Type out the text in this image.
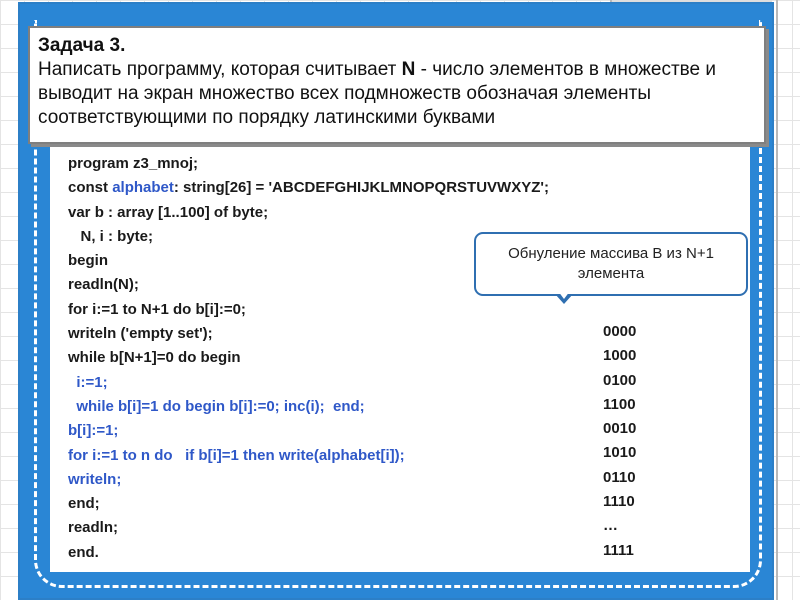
Задача 3.
Написать программу, которая считывает N - число элементов в множестве и выводит на экран множество всех подмножеств обозначая элементы соответствующими по порядку латинскими буквами
program z3_mnoj;
const alphabet: string[26] = 'ABCDEFGHIJKLMNOPQRSTUVWXYZ';
var b : array [1..100] of byte;
N, i : byte;
begin
readln(N);
for i:=1 to N+1 do b[i]:=0;
writeln ('empty set');
while b[N+1]=0 do begin
i:=1;
while b[i]=1 do begin b[i]:=0; inc(i);  end;
b[i]:=1;
for i:=1 to n do   if b[i]=1 then write(alphabet[i]);
writeln;
end;
readln;
end.
Обнуление массива B из N+1 элемента
0000
1000
0100
1100
0010
1010
0110
1110
…
1111
